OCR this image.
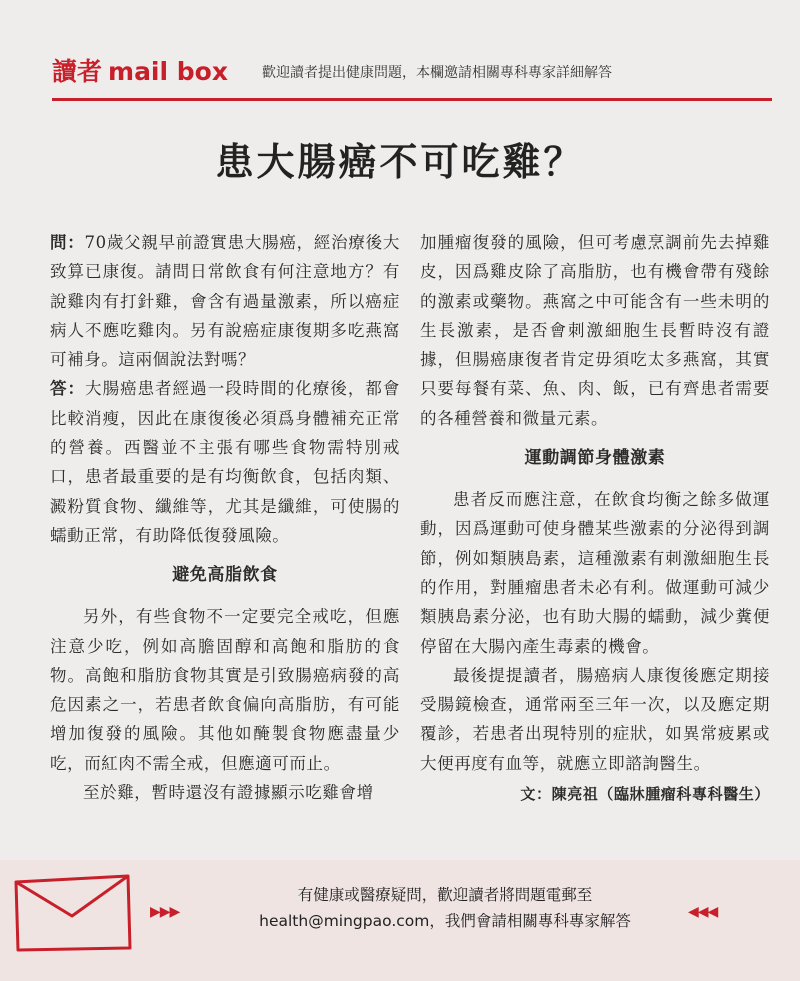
讀者 mail box 歡迎讀者提出健康問題，本欄邀請相關專科專家詳細解答
患大腸癌不可吃雞？

問：70歲父親早前證實患大腸癌，經治療後大致算已康復。請問日常飲食有何注意地方？有說雞肉有打針雞，會含有過量激素，所以癌症病人不應吃雞肉。另有說癌症康復期多吃燕窩可補身。這兩個說法對嗎？

答：大腸癌患者經過一段時間的化療後，都會比較消瘦，因此在康復後必須爲身體補充正常的營養。西醫並不主張有哪些食物需特別戒口，患者最重要的是有均衡飲食，包括肉類、澱粉質食物、纖維等，尤其是纖維，可使腸的蠕動正常，有助降低復發風險。

避免高脂飲食

另外，有些食物不一定要完全戒吃，但應注意少吃，例如高膽固醇和高飽和脂肪的食物。高飽和脂肪食物其實是引致腸癌病發的高危因素之一，若患者飲食偏向高脂肪，有可能增加復發的風險。其他如醃製食物應盡量少吃，而紅肉不需全戒，但應適可而止。

至於雞，暫時還沒有證據顯示吃雞會增

加腫瘤復發的風險，但可考慮烹調前先去掉雞皮，因爲雞皮除了高脂肪，也有機會帶有殘餘的激素或藥物。燕窩之中可能含有一些未明的生長激素，是否會刺激細胞生長暫時沒有證據，但腸癌康復者肯定毋須吃太多燕窩，其實只要每餐有菜、魚、肉、飯，已有齊患者需要的各種營養和微量元素。

運動調節身體激素

患者反而應注意，在飲食均衡之餘多做運動，因爲運動可使身體某些激素的分泌得到調節，例如類胰島素，這種激素有刺激細胞生長的作用，對腫瘤患者未必有利。做運動可減少類胰島素分泌，也有助大腸的蠕動，減少糞便停留在大腸內產生毒素的機會。

最後提提讀者，腸癌病人康復後應定期接受腸鏡檢查，通常兩至三年一次，以及應定期覆診，若患者出現特別的症狀，如異常疲累或大便再度有血等，就應立即諮詢醫生。

文：陳亮祖（臨牀腫瘤科專科醫生）
▶▶▶
有健康或醫療疑問，歡迎讀者將問題電郵至
health@mingpao.com，我們會請相關專科專家解答	◀◀◀
